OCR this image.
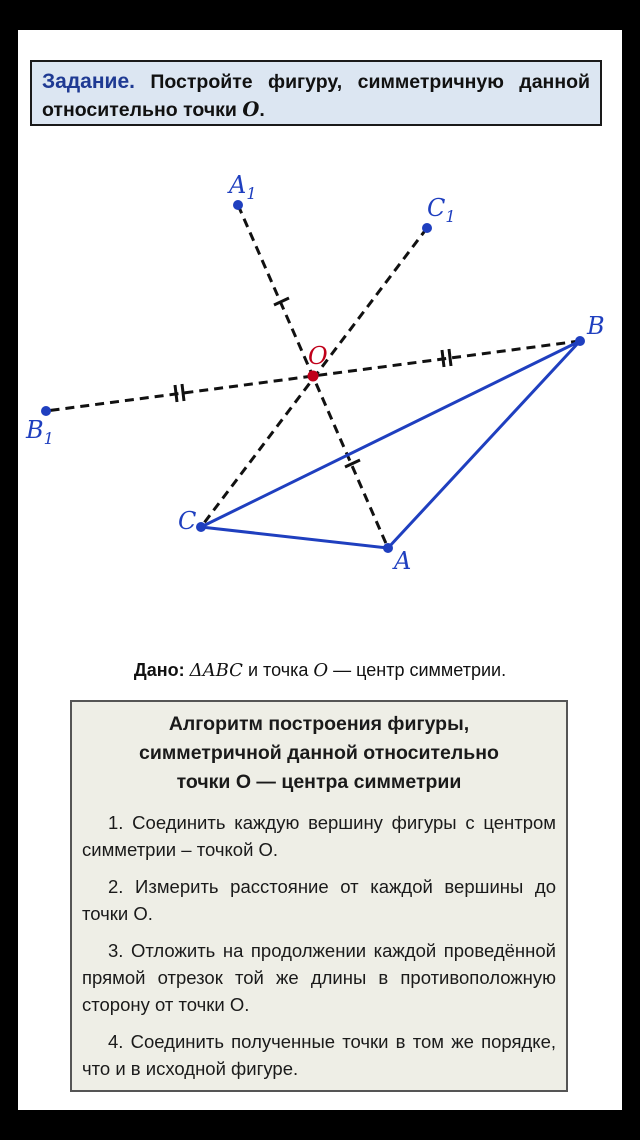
Задание. Постройте фигуру, симметричную данной относительно точки O.
$A_1$
$C_1$
B
O
$B_1$
C
A
Дано: ΔABC и точка O — центр симметрии.
Алгоритм построения фигуры,
симметричной данной относительно
точки O — центра симметрии

1. Соединить каждую вершину фигуры с центром симметрии – точкой O.

2. Измерить расстояние от каждой вершины до точки O.

3. Отложить на продолжении каждой проведённой прямой отрезок той же длины в противоположную сторону от точки O.

4. Соединить полученные точки в том же порядке, что и в исходной фигуре.
